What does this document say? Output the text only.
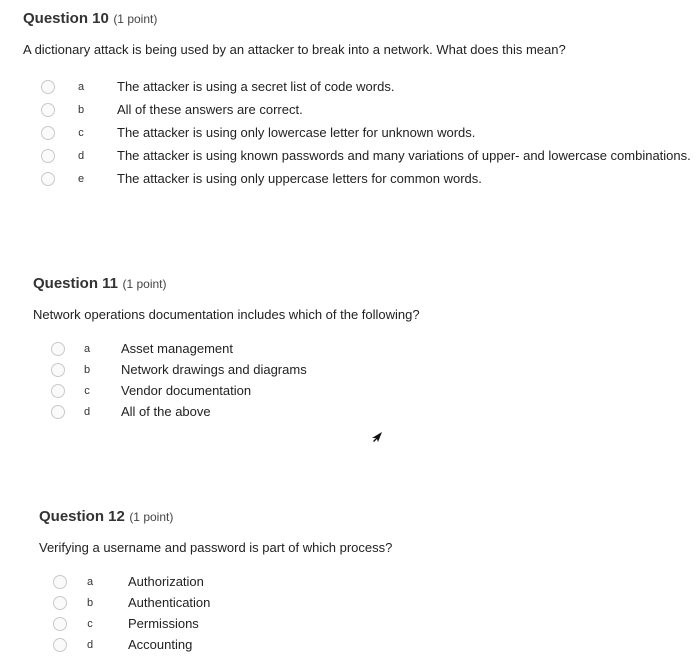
Question 10 (1 point)
A dictionary attack is being used by an attacker to break into a network. What does this mean?
a	The attacker is using a secret list of code words.
b	All of these answers are correct.
c	The attacker is using only lowercase letter for unknown words.
d	The attacker is using known passwords and many variations of upper- and lowercase combinations.
e	The attacker is using only uppercase letters for common words.
Question 11 (1 point)
Network operations documentation includes which of the following?
a	Asset management
b	Network drawings and diagrams
c	Vendor documentation
d	All of the above
Question 12 (1 point)
Verifying a username and password is part of which process?
a	Authorization
b	Authentication
c	Permissions
d	Accounting
